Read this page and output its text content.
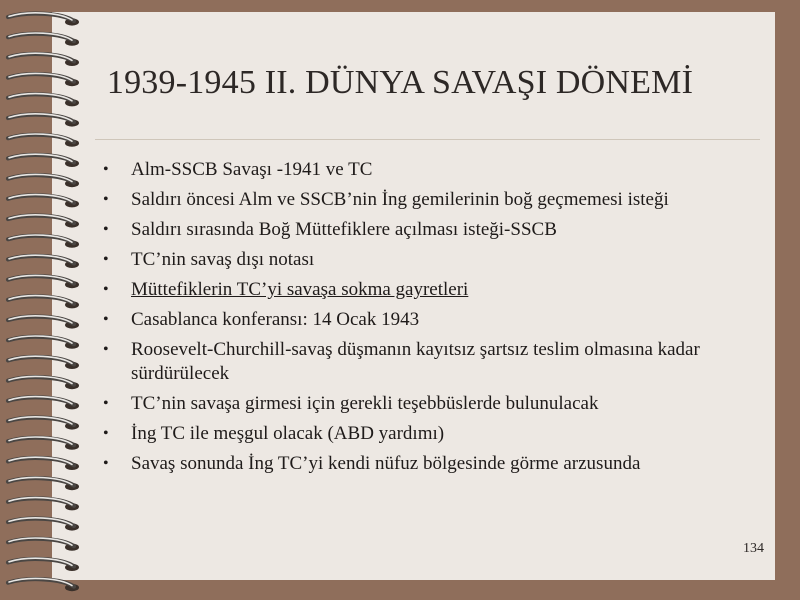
1939-1945 II. DÜNYA SAVAŞI DÖNEMİ
• Alm-SSCB Savaşı -1941 ve TC
• Saldırı öncesi Alm ve SSCB’nin İng gemilerinin boğ geçmemesi isteği
• Saldırı sırasında Boğ Müttefiklere açılması isteği-SSCB
• TC’nin savaş dışı notası
• Müttefiklerin TC’yi savaşa sokma gayretleri
• Casablanca konferansı: 14 Ocak 1943
• Roosevelt-Churchill-savaş düşmanın kayıtsız şartsız teslim olmasına kadar sürdürülecek
• TC’nin savaşa girmesi için gerekli teşebbüslerde bulunulacak
• İng TC ile meşgul olacak (ABD yardımı)
• Savaş sonunda İng TC’yi kendi nüfuz bölgesinde görme arzusunda
134
